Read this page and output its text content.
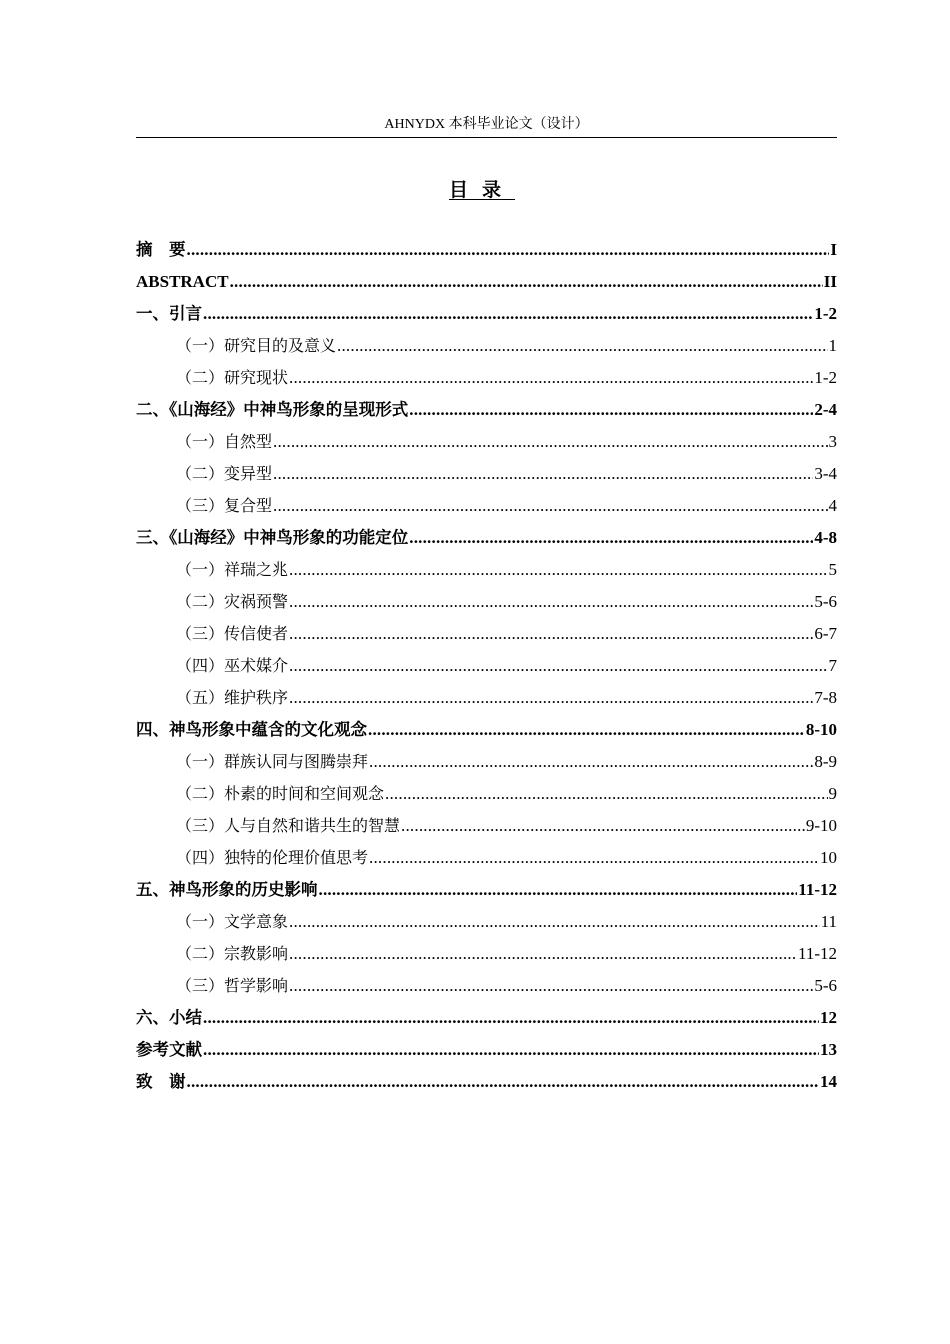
AHNYDX 本科毕业论文（设计）
目录
摘　要 .....	I
ABSTRACT .....	II
一、引言 .....	1-2
（一）研究目的及意义 .....	1
（二）研究现状 .....	1-2
二、《山海经》中神鸟形象的呈现形式 .....	2-4
（一）自然型 .....	3
（二）变异型 .....	3-4
（三）复合型 .....	4
三、《山海经》中神鸟形象的功能定位 .....	4-8
（一）祥瑞之兆 .....	5
（二）灾祸预警 .....	5-6
（三）传信使者 .....	6-7
（四）巫术媒介 .....	7
（五）维护秩序 .....	7-8
四、神鸟形象中蕴含的文化观念 .....	8-10
（一）群族认同与图腾崇拜 .....	8-9
（二）朴素的时间和空间观念 .....	9
（三）人与自然和谐共生的智慧 .....	9-10
（四）独特的伦理价值思考 .....	10
五、神鸟形象的历史影响 .....	11-12
（一）文学意象 .....	11
（二）宗教影响 .....	11-12
（三）哲学影响 .....	5-6
六、小结 .....	12
参考文献 .....	13
致　谢 .....	14
